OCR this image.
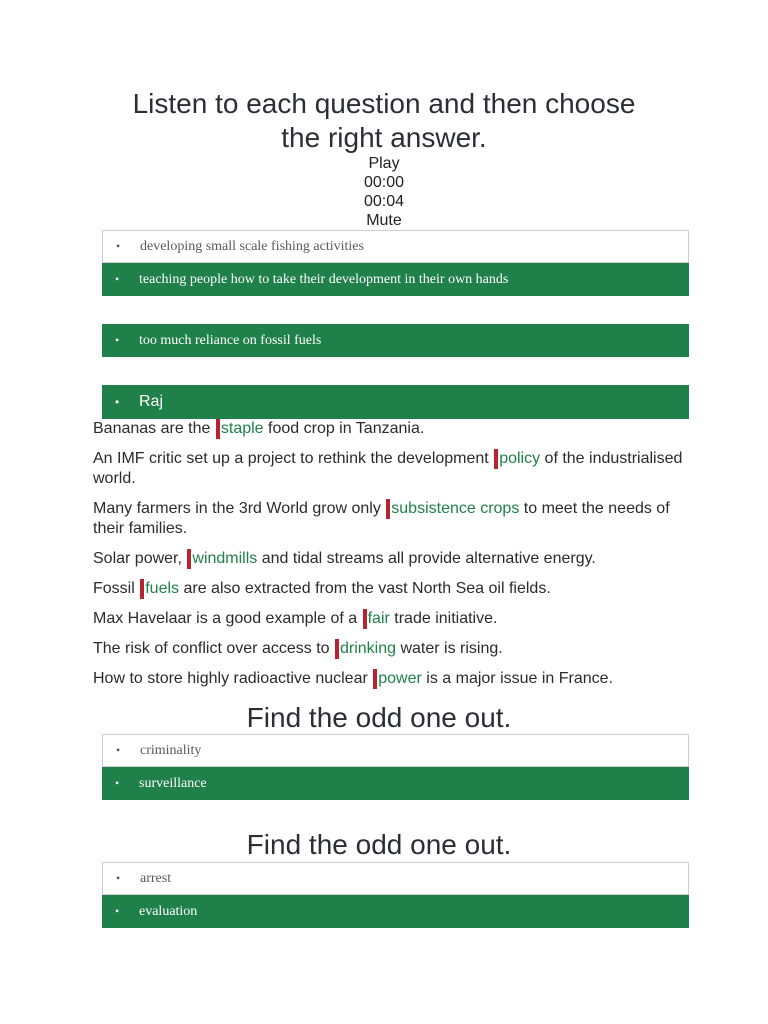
Listen to each question and then choose
the right answer.
Play
00:00
00:04
Mute
•	developing small scale fishing activities
•	teaching people how to take their development in their own hands
•	too much reliance on fossil fuels
•	Raj

Bananas are the staple food crop in Tanzania.

An IMF critic set up a project to rethink the development policy of the industrialised world.

Many farmers in the 3rd World grow only subsistence crops to meet the needs of their families.

Solar power, windmills and tidal streams all provide alternative energy.

Fossil fuels are also extracted from the vast North Sea oil fields.

Max Havelaar is a good example of a fair trade initiative.

The risk of conflict over access to drinking water is rising.

How to store highly radioactive nuclear power is a major issue in France.

Find the odd one out.
•	criminality
•	surveillance
Find the odd one out.
•	arrest
•	evaluation
